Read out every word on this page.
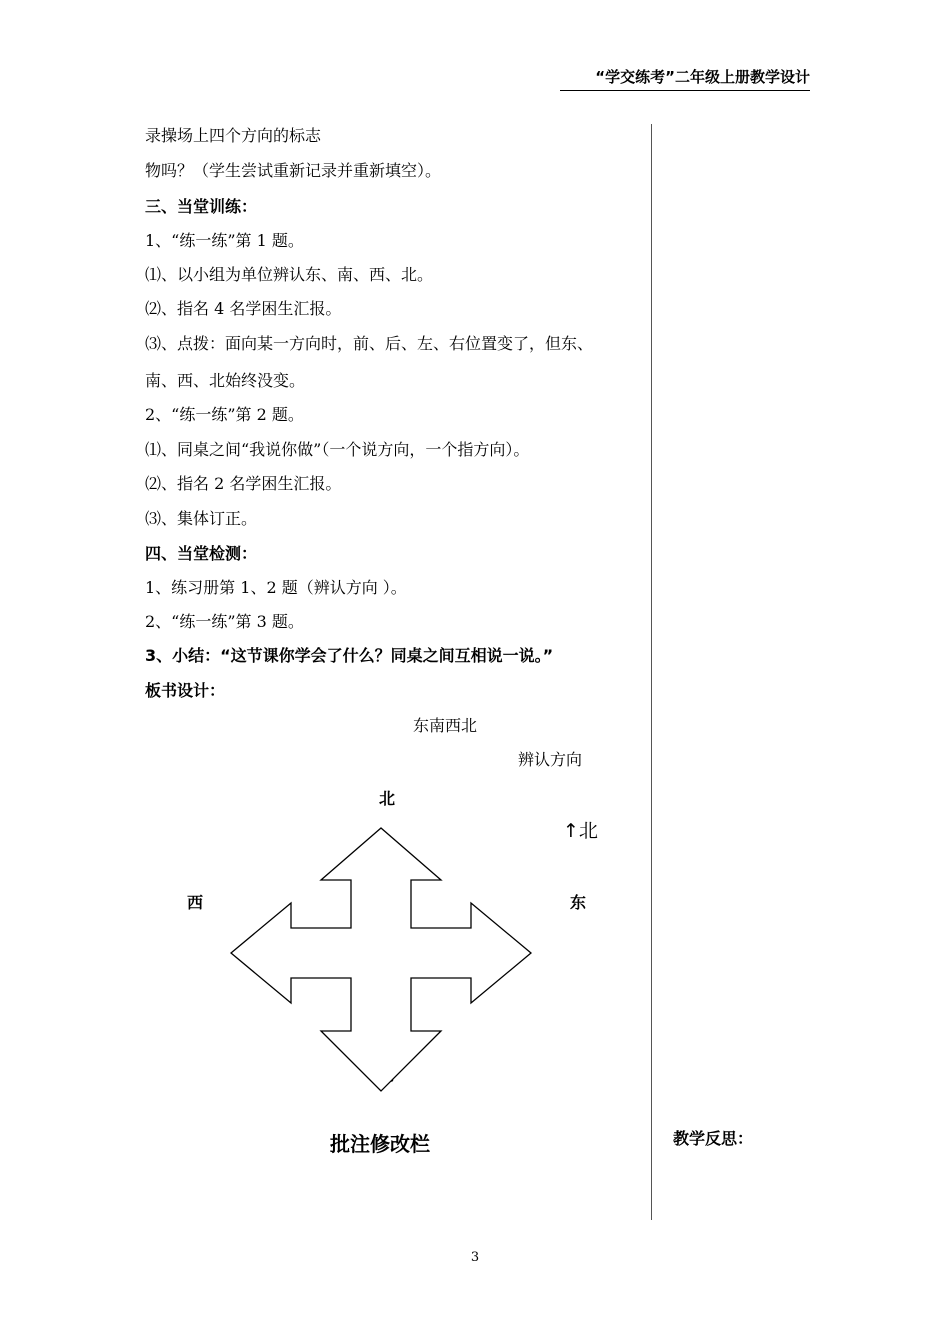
“学交练考”二年级上册教学设计
录操场上四个方向的标志
物吗？（学生尝试重新记录并重新填空）。
三、当堂训练：
1、“练一练”第 1 题。
⑴、以小组为单位辨认东、南、西、北。
⑵、指名 4 名学困生汇报。
⑶、点拨：面向某一方向时，前、后、左、右位置变了，但东、
南、西、北始终没变。
2、“练一练”第 2 题。
⑴、同桌之间“我说你做”（一个说方向，一个指方向）。
⑵、指名 2 名学困生汇报。
⑶、集体订正。
四、当堂检测：
1、练习册第 1、2 题（辨认方向 ）。
2、“练一练”第 3 题。
3、小结：“这节课你学会了什么？同桌之间互相说一说。”
板书设计：
东南西北
辨认方向
↑北
北
西	东
批注修改栏	教学反思：
3
